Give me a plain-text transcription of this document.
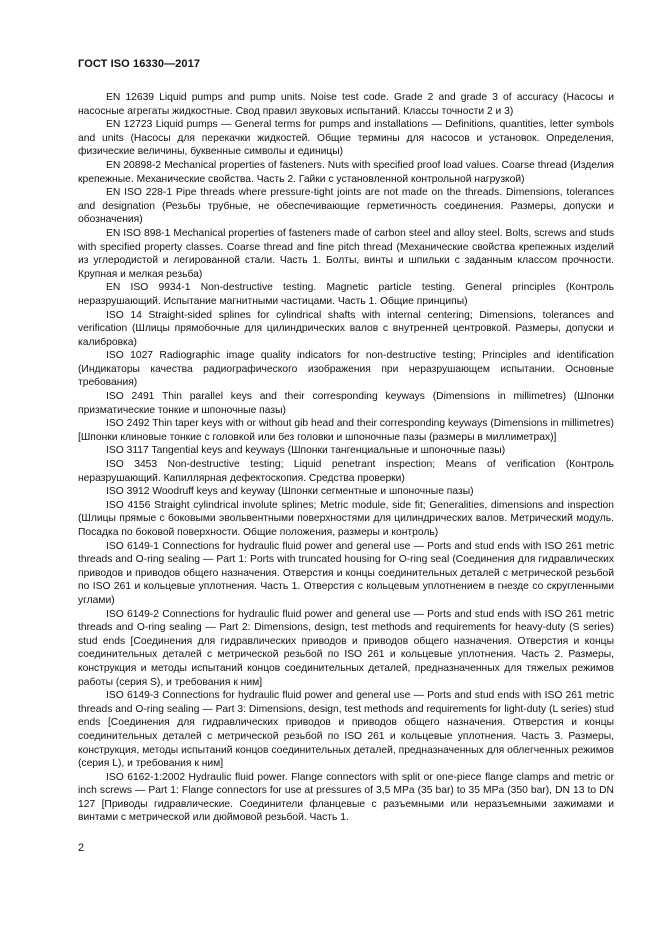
ГОСТ ISO 16330—2017

EN 12639 Liquid pumps and pump units. Noise test code. Grade 2 and grade 3 of accuracy (Насосы и насосные агрегаты жидкостные. Свод правил звуковых испытаний. Классы точности 2 и 3)

EN 12723 Liquid pumps — General terms for pumps and installations — Definitions, quantities, letter symbols and units (Насосы для перекачки жидкостей. Общие термины для насосов и установок. Определения, физические величины, буквенные символы и единицы)

EN 20898-2 Mechanical properties of fasteners. Nuts with specified proof load values. Coarse thread (Изделия крепежные. Механические свойства. Часть 2. Гайки с установленной контрольной нагрузкой)

EN ISO 228-1 Pipe threads where pressure-tight joints are not made on the threads. Dimensions, tolerances and designation (Резьбы трубные, не обеспечивающие герметичность соединения. Размеры, допуски и обозначения)

EN ISO 898-1 Mechanical properties of fasteners made of carbon steel and alloy steel. Bolts, screws and studs with specified property classes. Coarse thread and fine pitch thread (Механические свойства крепежных изделий из углеродистой и легированной стали. Часть 1. Болты, винты и шпильки с заданным классом прочности. Крупная и мелкая резьба)

EN ISO 9934-1 Non-destructive testing. Magnetic particle testing. General principles (Контроль неразрушающий. Испытание магнитными частицами. Часть 1. Общие принципы)

ISO 14 Straight-sided splines for cylindrical shafts with internal centering; Dimensions, tolerances and verification (Шлицы прямобочные для цилиндрических валов с внутренней центровкой. Размеры, допуски и калибровка)

ISO 1027 Radiographic image quality indicators for non-destructive testing; Principles and identification (Индикаторы качества радиографического изображения при неразрушающем испытании. Основные требования)

ISO 2491 Thin parallel keys and their corresponding keyways (Dimensions in millimetres) (Шпонки призматические тонкие и шпоночные пазы)

ISO 2492 Thin taper keys with or without gib head and their corresponding keyways (Dimensions in millimetres) [Шпонки клиновые тонкие с головкой или без головки и шпоночные пазы (размеры в миллиметрах)]

ISO 3117 Tangential keys and keyways (Шпонки тангенциальные и шпоночные пазы)

ISO 3453 Non-destructive testing; Liquid penetrant inspection; Means of verification (Контроль неразрушающий. Капиллярная дефектоскопия. Средства проверки)

ISO 3912 Woodruff keys and keyway (Шпонки сегментные и шпоночные пазы)

ISO 4156 Straight cylindrical involute splines; Metric module, side fit; Generalities, dimensions and inspection (Шлицы прямые с боковыми эвольвентными поверхностями для цилиндрических валов. Метрический модуль. Посадка по боковой поверхности. Общие положения, размеры и контроль)

ISO 6149-1 Connections for hydraulic fluid power and general use — Ports and stud ends with ISO 261 metric threads and O-ring sealing — Part 1: Ports with truncated housing for O-ring seal (Соединения для гидравлических приводов и приводов общего назначения. Отверстия и концы соединительных деталей с метрической резьбой по ISO 261 и кольцевые уплотнения. Часть 1. Отверстия с кольцевым уплотнением в гнезде со скругленными углами)

ISO 6149-2 Connections for hydraulic fluid power and general use — Ports and stud ends with ISO 261 metric threads and O-ring sealing — Part 2: Dimensions, design, test methods and requirements for heavy-duty (S series) stud ends [Соединения для гидравлических приводов и приводов общего назначения. Отверстия и концы соединительных деталей с метрической резьбой по ISO 261 и кольцевые уплотнения. Часть 2. Размеры, конструкция и методы испытаний концов соединительных деталей, предназначенных для тяжелых режимов работы (серия S), и требования к ним]

ISO 6149-3 Connections for hydraulic fluid power and general use — Ports and stud ends with ISO 261 metric threads and O-ring sealing — Part 3: Dimensions, design, test methods and requirements for light-duty (L series) stud ends [Соединения для гидравлических приводов и приводов общего назначения. Отверстия и концы соединительных деталей с метрической резьбой по ISO 261 и кольцевые уплотнения. Часть 3. Размеры, конструкция, методы испытаний концов соединительных деталей, предназначенных для облегченных режимов (серия L), и требования к ним]

ISO 6162-1:2002 Hydraulic fluid power. Flange connectors with split or one-piece flange clamps and metric or inch screws — Part 1: Flange connectors for use at pressures of 3,5 MPa (35 bar) to 35 MPa (350 bar), DN 13 to DN 127 [Приводы гидравлические. Соединители фланцевые с разъемными или неразъемными зажимами и винтами с метрической или дюймовой резьбой. Часть 1.

2
